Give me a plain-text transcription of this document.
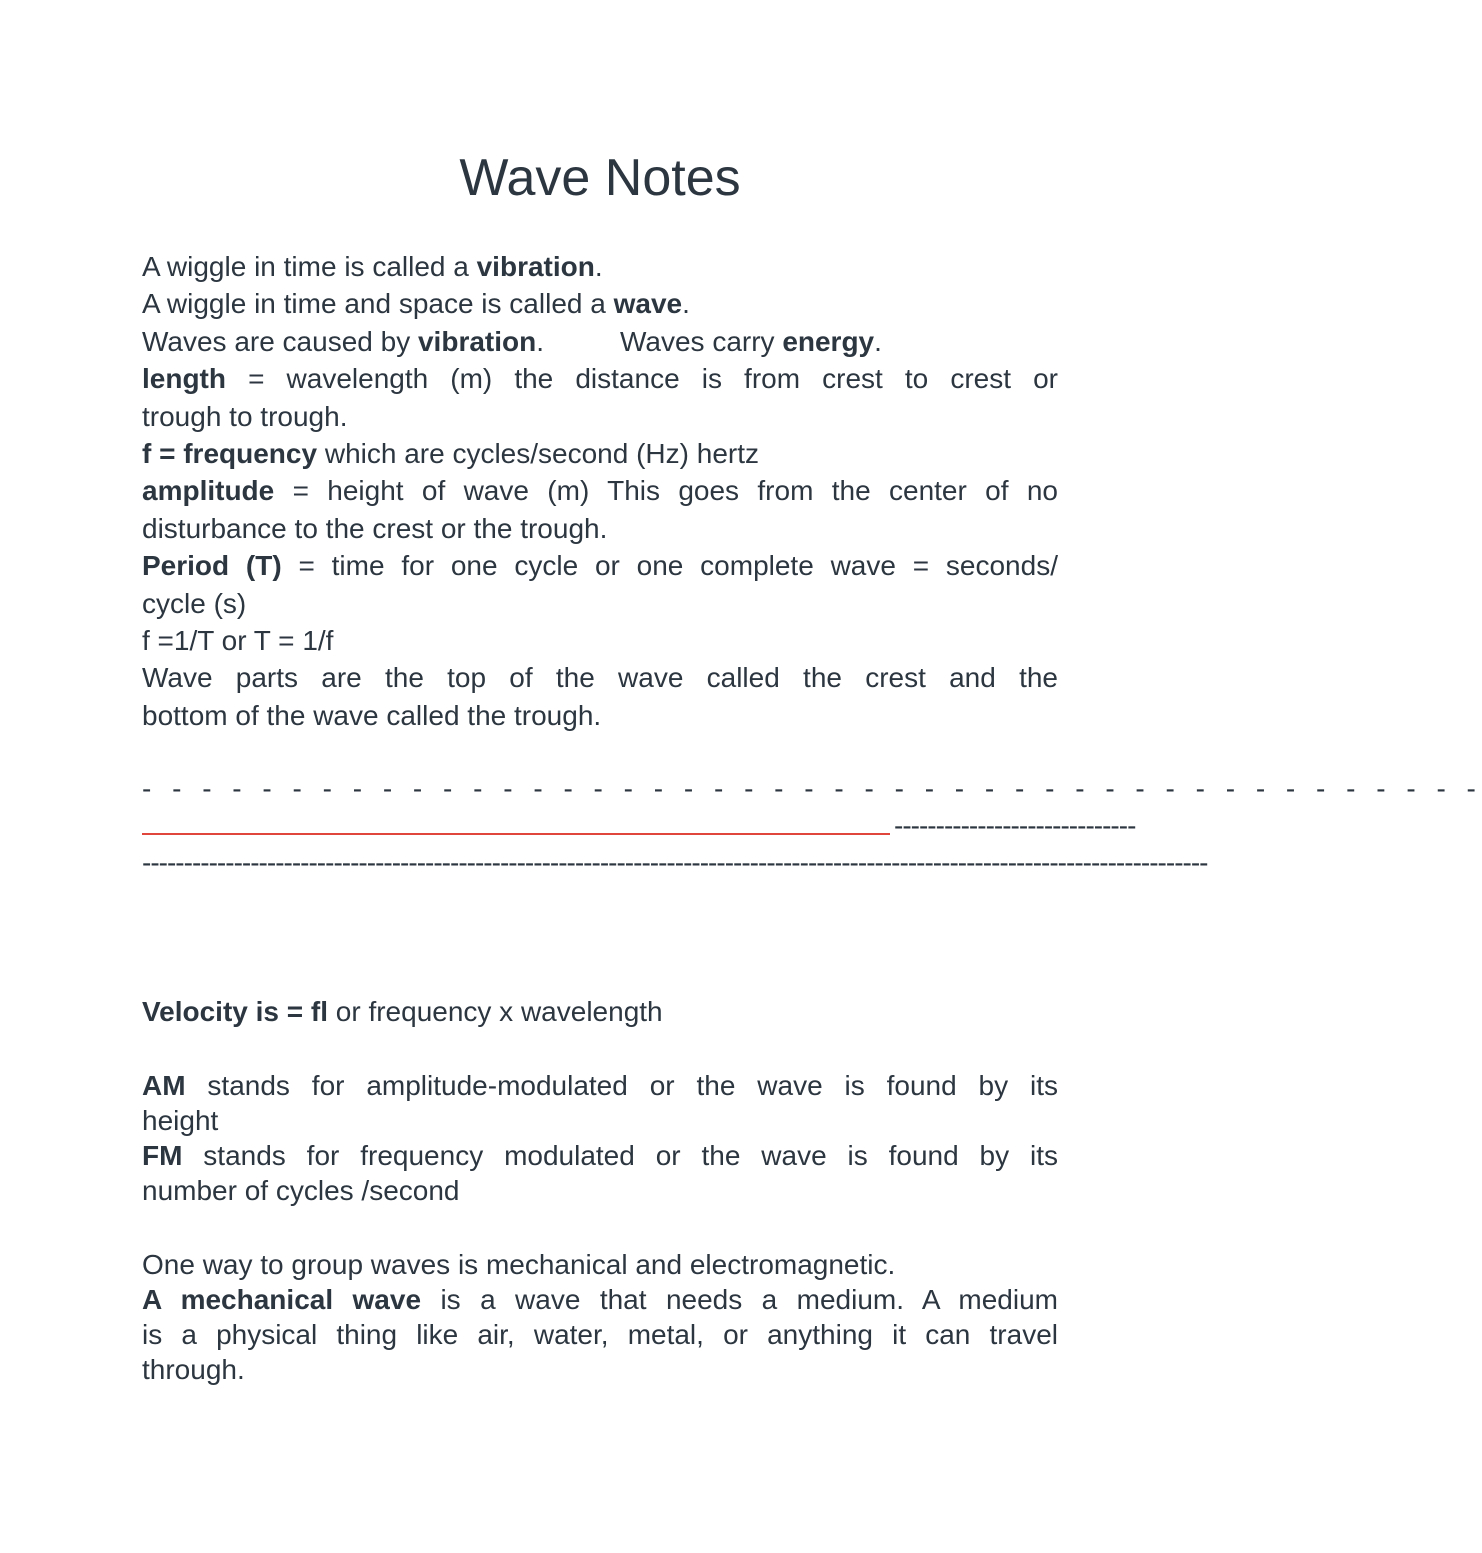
Wave Notes

A wiggle in time is called a vibration.

A wiggle in time and space is called a wave.

Waves are caused by vibration.	Waves carry energy.

length = wavelength (m) the distance is from crest to crest or

trough to trough.

f = frequency which are cycles/second (Hz) hertz

amplitude = height of wave (m) This goes from the center of no

disturbance to the crest or the trough.

Period (T) = time for one cycle or one complete wave = seconds/

cycle (s)

f =1/T or T = 1/f

Wave parts are the top of the wave called the crest and the

bottom of the wave called the trough.

- - - - - - - - - - - - - - - - - - - - - - - - - - - - - - - - - - - - - - - - - - - - -
-----------------------------
--------------------------------------------------------------------------------------------------------------------------------

Velocity is = fl or frequency x wavelength

AM stands for amplitude-modulated or the wave is found by its

height

FM stands for frequency modulated or the wave is found by its

number of cycles /second

One way to group waves is mechanical and electromagnetic.

A mechanical wave is a wave that needs a medium. A medium

is a physical thing like air, water, metal, or anything it can travel

through.
